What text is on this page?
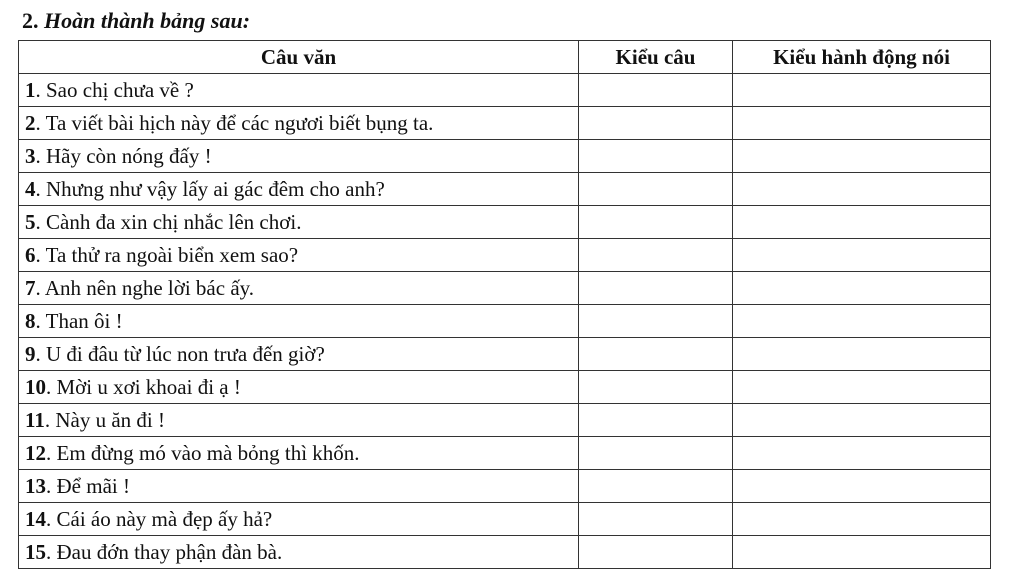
2. Hoàn thành bảng sau:
Câu văn	Kiểu câu	Kiểu hành động nói
1. Sao chị chưa về ?		
2. Ta viết bài hịch này để các ngươi biết bụng ta.		
3. Hãy còn nóng đấy !		
4. Nhưng như vậy lấy ai gác đêm cho anh?		
5. Cành đa xin chị nhắc lên chơi.		
6. Ta thử ra ngoài biển xem sao?		
7. Anh nên nghe lời bác ấy.		
8. Than ôi !		
9. U đi đâu từ lúc non trưa đến giờ?		
10. Mời u xơi khoai đi ạ !		
11. Này u ăn đi !		
12. Em đừng mó vào mà bỏng thì khốn.		
13. Để mãi !		
14. Cái áo này mà đẹp ấy hả?		
15. Đau đớn thay phận đàn bà.		
